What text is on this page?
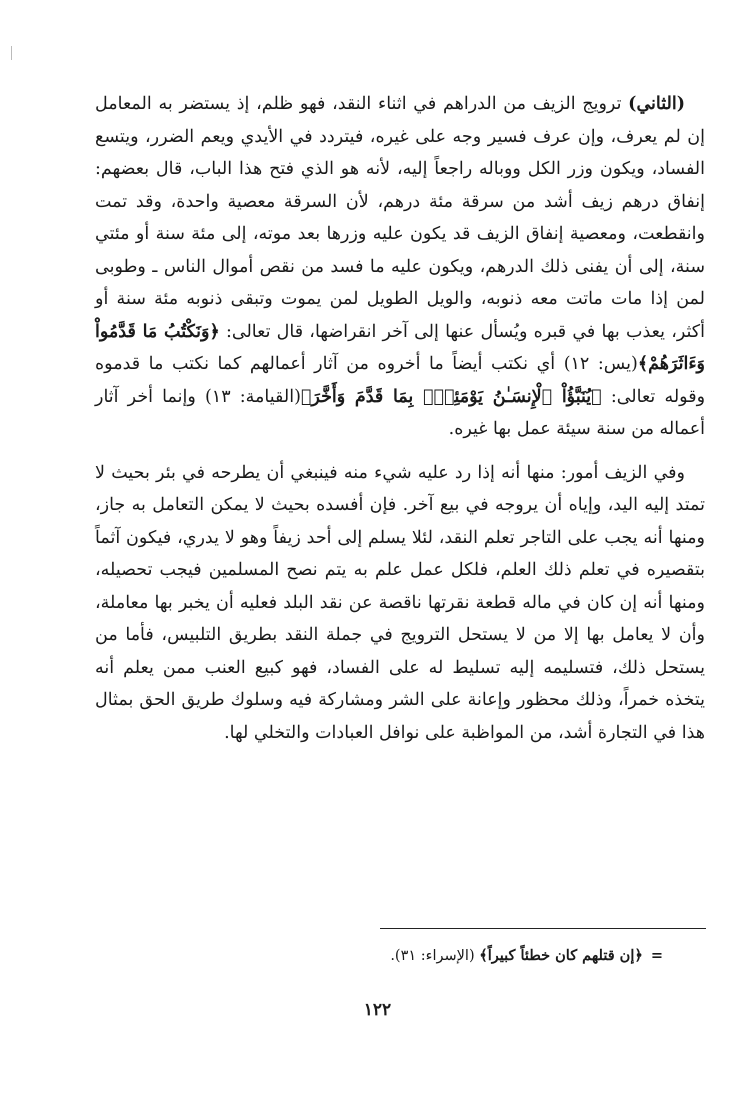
(الثاني) ترويج الزيف من الدراهم في اثناء النقد، فهو ظلم، إذ يستضر به المعامل إن لم يعرف، وإن عرف فسير وجه على غيره، فيتردد في الأيدي ويعم الضرر، ويتسع الفساد، ويكون وزر الكل ووباله راجعاً إليه، لأنه هو الذي فتح هذا الباب، قال بعضهم: إنفاق درهم زيف أشد من سرقة مئة درهم، لأن السرقة معصية واحدة، وقد تمت وانقطعت، ومعصية إنفاق الزيف قد يكون عليه وزرها بعد موته، إلى مئة سنة أو مئتي سنة، إلى أن يفنى ذلك الدرهم، ويكون عليه ما فسد من نقص أموال الناس ـ وطوبى لمن إذا مات ماتت معه ذنوبه، والويل الطويل لمن يموت وتبقى ذنوبه مئة سنة أو أكثر، يعذب بها في قبره ويُسأل عنها إلى آخر انقراضها، قال تعالى: ﴿وَنَكْتُبُ مَا قَدَّمُواْ وَءَاثَرَهُمْ﴾(يس: ١٢) أي نكتب أيضاً ما أخروه من آثار أعمالهم كما نكتب ما قدموه وقوله تعالى: ﴿يُنَبَّؤُاْ ٱلْإِنسَـٰنُ يَوْمَئِذٍۭ بِمَا قَدَّمَ وَأَخَّرَ﴾(القيامة: ١٣) وإنما أخر آثار أعماله من سنة سيئة عمل بها غيره.

وفي الزيف أمور: منها أنه إذا رد عليه شيء منه فينبغي أن يطرحه في بئر بحيث لا تمتد إليه اليد، وإياه أن يروجه في بيع آخر. فإن أفسده بحيث لا يمكن التعامل به جاز، ومنها أنه يجب على التاجر تعلم النقد، لئلا يسلم إلى أحد زيفاً وهو لا يدري، فيكون آثماً بتقصيره في تعلم ذلك العلم، فلكل عمل علم به يتم نصح المسلمين فيجب تحصيله، ومنها أنه إن كان في ماله قطعة نقرتها ناقصة عن نقد البلد فعليه أن يخبر بها معاملة، وأن لا يعامل بها إلا من لا يستحل الترويج في جملة النقد بطريق التلبيس، فأما من يستحل ذلك، فتسليمه إليه تسليط له على الفساد، فهو كبيع العنب ممن يعلم أنه يتخذه خمراً، وذلك محظور وإعانة على الشر ومشاركة فيه وسلوك طريق الحق بمثال هذا في التجارة أشد، من المواظبة على نوافل العبادات والتخلي لها.

=﴿إن قتلهم كان خطئاً كبيراً﴾ (الإسراء: ٣١).
١٢٢
